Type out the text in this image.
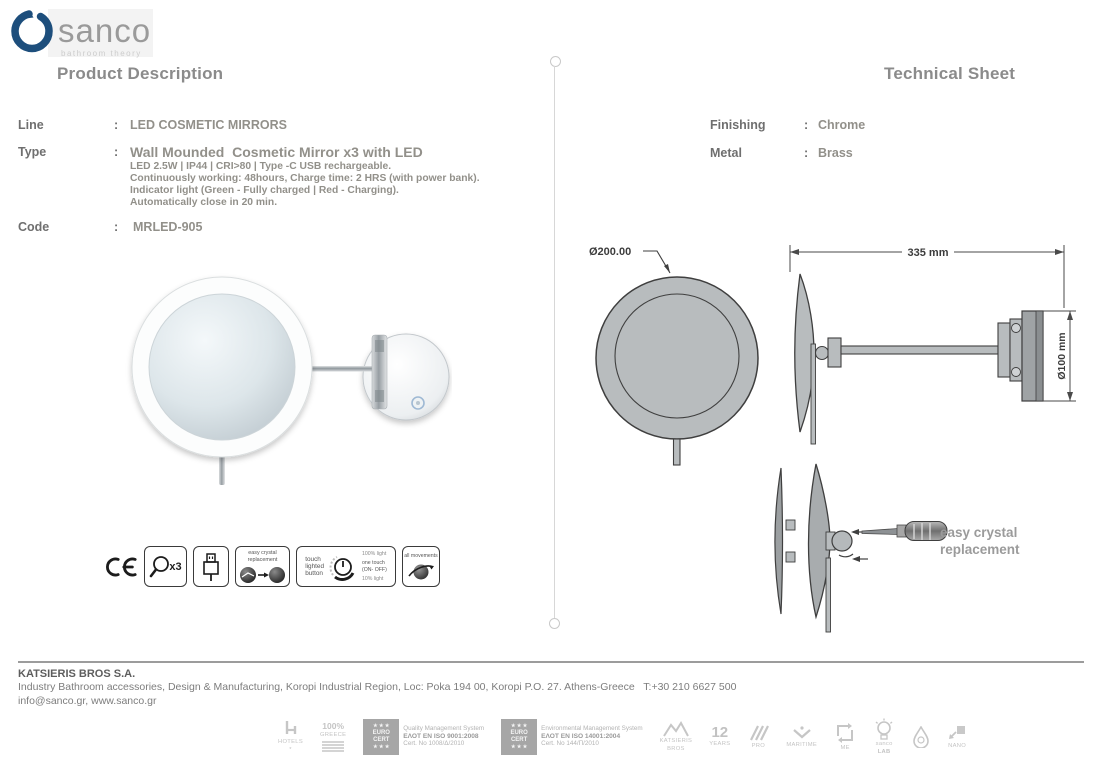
sanco
bathroom theory
Product Description	Technical Sheet
Line	: LED COSMETIC MIRRORS
Type	: Wall Mounded  Cosmetic Mirror x3 with LED
LED 2.5W | IP44 | CRI>80 | Type -C USB rechargeable.
Continuously working: 48hours, Charge time: 2 HRS (with power bank).
Indicator light (Green - Fully charged | Red - Charging).
Automatically close in 20 min.
Code	: MRLED-905
Finishing	: Chrome
Metal	: Brass
Ø200.00	335 mm
Ø100 mm
easy crystal
replacement
x3
easy crystal
replacement	touch
lighted
button
100% light
one touch
(ON- OFF)
10% light
all movements
KATSIERIS BROS S.A.
Industry Bathroom accessories, Design & Manufacturing, Koropi Industrial Region, Loc: Poka 194 00, Koropi P.O. 27. Athens-Greece   T:+30 210 6627 500
info@sanco.gr, www.sanco.gr
HOTELS
*
100%
GREECE
★ ★ ★
EURO
CERT
★ ★ ★
Quality Management System
ΕΛΟΤ EN ISO 9001:2008
Cert. No 1008/Δ/2010
★ ★ ★
EURO
CERT
★ ★ ★
Environmental Management System
ΕΛΟΤ EN ISO 14001:2004
Cert. No 144/Π/2010	KATSIERIS
BROS
12
YEARS	PRO	MARITIME	ME
sanco
LAB
NANO
